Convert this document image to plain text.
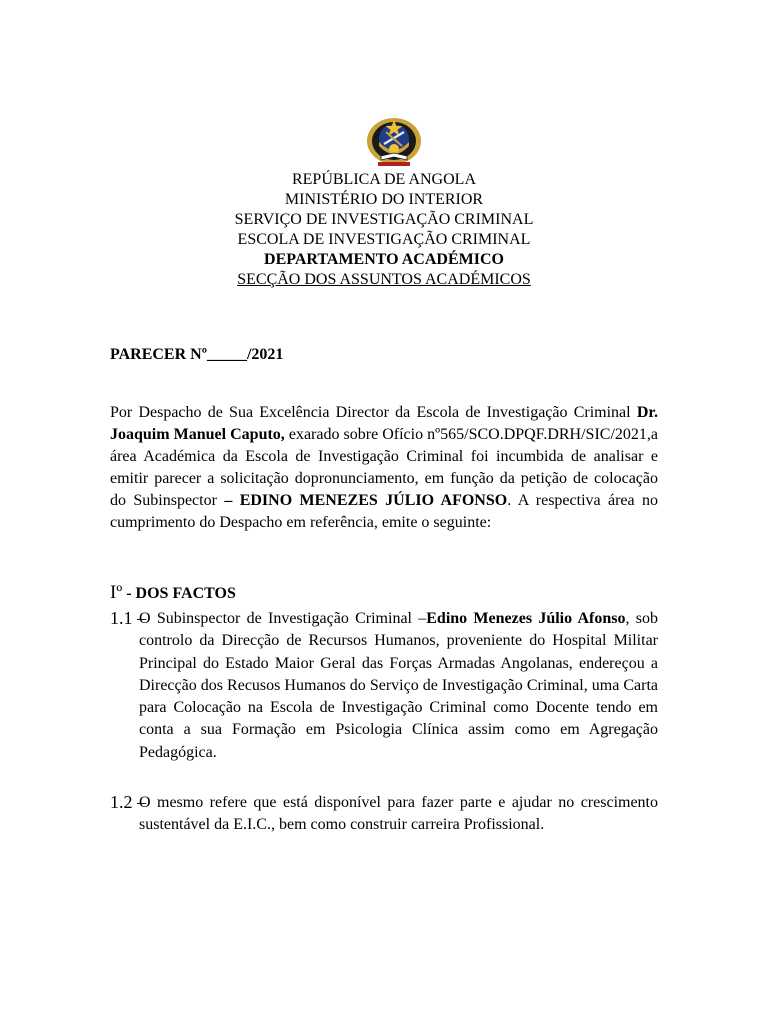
REPÚBLICA DE ANGOLA
MINISTÉRIO DO INTERIOR
SERVIÇO DE INVESTIGAÇÃO CRIMINAL
ESCOLA DE INVESTIGAÇÃO CRIMINAL
DEPARTAMENTO ACADÉMICO
SECÇÃO DOS ASSUNTOS ACADÉMICOS
PARECER Nº_____/2021
Por Despacho de Sua Excelência Director da Escola de Investigação Criminal Dr. Joaquim Manuel Caputo, exarado sobre Ofício nº565/SCO.DPQF.DRH/SIC/2021,a área Académica da Escola de Investigação Criminal foi incumbida de analisar e emitir parecer a solicitação dopronunciamento, em função da petição de colocação do Subinspector – EDINO MENEZES JÚLIO AFONSO. A respectiva área no cumprimento do Despacho em referência, emite o seguinte:
Iº - DOS FACTOS
1.1 –
O Subinspector de Investigação Criminal –Edino Menezes Júlio Afonso, sob controlo da Direcção de Recursos Humanos, proveniente do Hospital Militar Principal do Estado Maior Geral das Forças Armadas Angolanas, endereçou a Direcção dos Recusos Humanos do Serviço de Investigação Criminal, uma Carta para Colocação na Escola de Investigação Criminal como Docente tendo em conta a sua Formação em Psicologia Clínica assim como em Agregação Pedagógica.
1.2 –
O mesmo refere que está disponível para fazer parte e ajudar no crescimento sustentável da E.I.C., bem como construir carreira Profissional.
